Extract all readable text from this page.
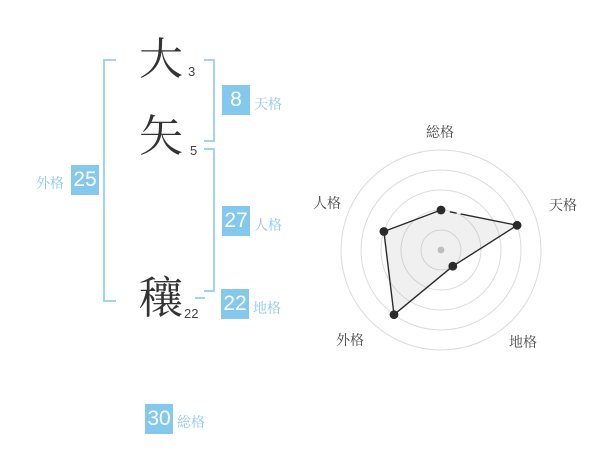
大 3
矢 5
穰 22
8 天格
27 人格
22 地格
外格 25
30 総格
総格
天格
地格
外格
人格
